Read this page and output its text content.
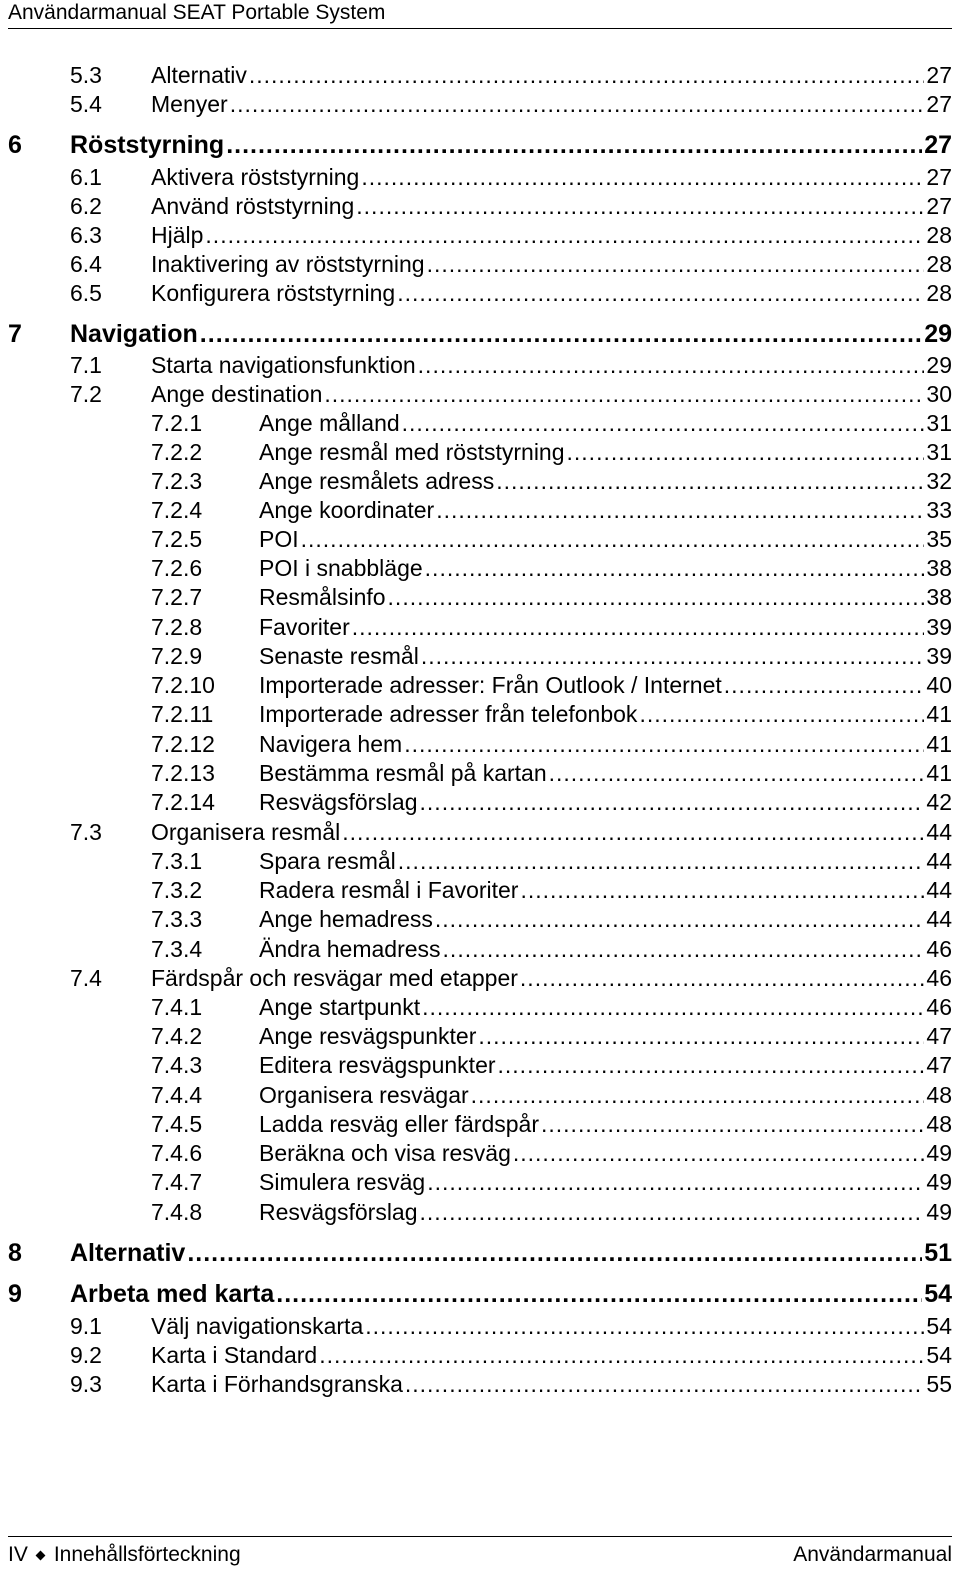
Användarmanual SEAT Portable System
5.3 Alternativ .....	27
5.4 Menyer .....	27
6 Röststyrning .....	27
6.1 Aktivera röststyrning .....	27
6.2 Använd röststyrning .....	27
6.3 Hjälp .....	28
6.4 Inaktivering av röststyrning .....	28
6.5 Konfigurera röststyrning .....	28
7 Navigation .....	29
7.1 Starta navigationsfunktion .....	29
7.2 Ange destination .....	30
7.2.1 Ange målland .....	31
7.2.2 Ange resmål med röststyrning .....	31
7.2.3 Ange resmålets adress .....	32
7.2.4 Ange koordinater .....	33
7.2.5 POI .....	35
7.2.6 POI i snabbläge .....	38
7.2.7 Resmålsinfo .....	38
7.2.8 Favoriter .....	39
7.2.9 Senaste resmål .....	39
7.2.10 Importerade adresser: Från Outlook / Internet .....	40
7.2.11 Importerade adresser från telefonbok .....	41
7.2.12 Navigera hem .....	41
7.2.13 Bestämma resmål på kartan .....	41
7.2.14 Resvägsförslag .....	42
7.3 Organisera resmål .....	44
7.3.1 Spara resmål .....	44
7.3.2 Radera resmål i Favoriter .....	44
7.3.3 Ange hemadress .....	44
7.3.4 Ändra hemadress .....	46
7.4 Färdspår och resvägar med etapper .....	46
7.4.1 Ange startpunkt .....	46
7.4.2 Ange resvägspunkter .....	47
7.4.3 Editera resvägspunkter .....	47
7.4.4 Organisera resvägar .....	48
7.4.5 Ladda resväg eller färdspår .....	48
7.4.6 Beräkna och visa resväg .....	49
7.4.7 Simulera resväg .....	49
7.4.8 Resvägsförslag .....	49
8 Alternativ .....	51
9 Arbeta med karta .....	54
9.1 Välj navigationskarta .....	54
9.2 Karta i Standard .....	54
9.3 Karta i Förhandsgranska .....	55
IV Innehållsförteckning	Användarmanual
